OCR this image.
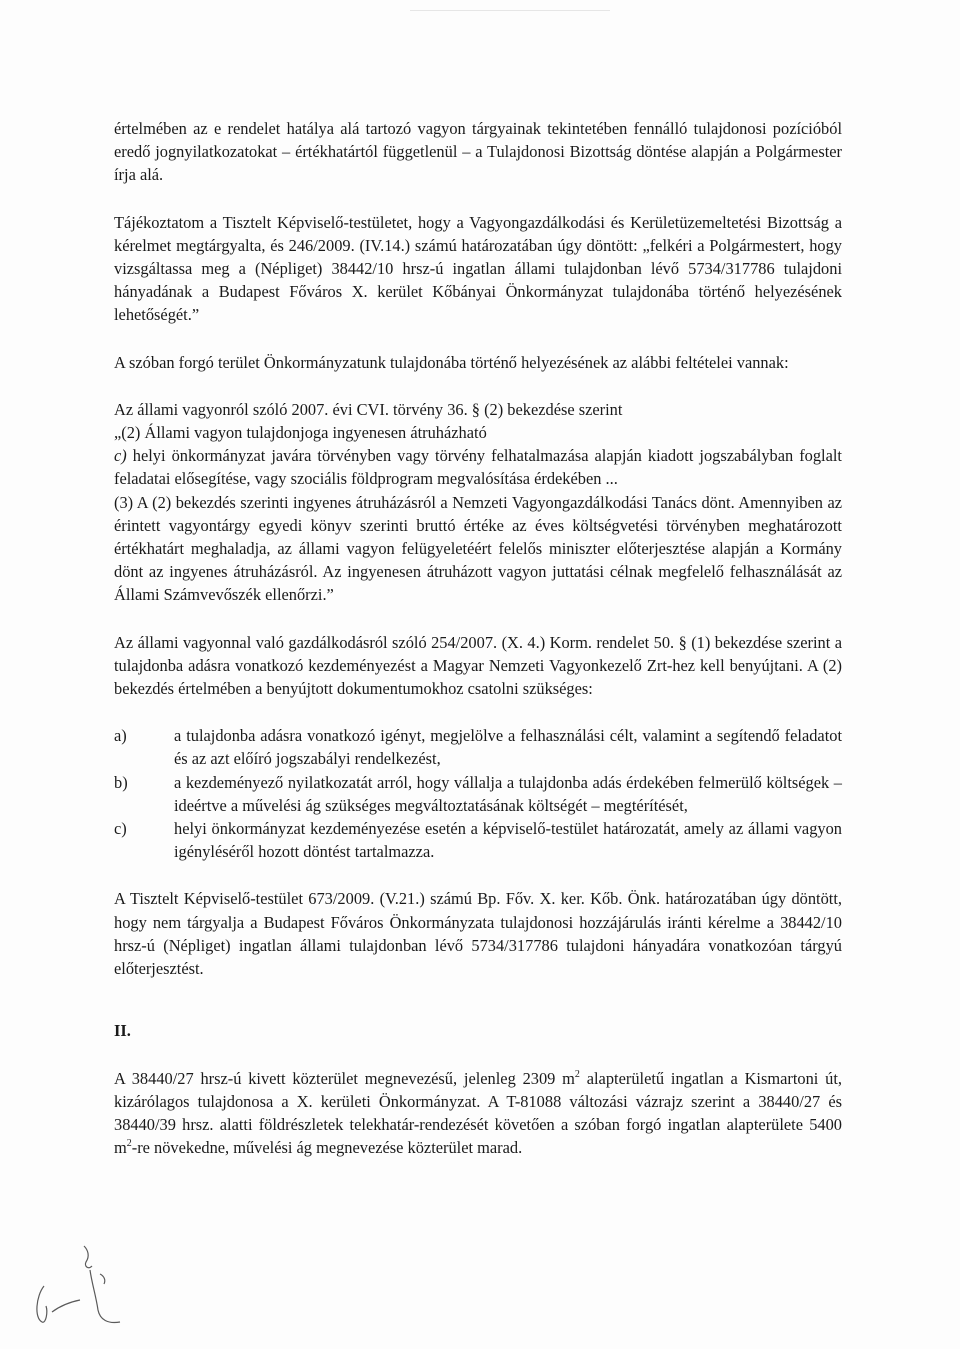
értelmében az e rendelet hatálya alá tartozó vagyon tárgyainak tekintetében fennálló tulajdonosi pozícióból eredő jognyilatkozatokat – értékhatártól függetlenül – a Tulajdonosi Bizottság döntése alapján a Polgármester írja alá.

Tájékoztatom a Tisztelt Képviselő-testületet, hogy a Vagyongazdálkodási és Kerületüzemeltetési Bizottság a kérelmet megtárgyalta, és 246/2009. (IV.14.) számú határozatában úgy döntött: „felkéri a Polgármestert, hogy vizsgáltassa meg a (Népliget) 38442/10 hrsz-ú ingatlan állami tulajdonban lévő 5734/317786 tulajdoni hányadának a Budapest Főváros X. kerület Kőbányai Önkormányzat tulajdonába történő helyezésének lehetőségét.”

A szóban forgó terület Önkormányzatunk tulajdonába történő helyezésének az alábbi feltételei vannak:

Az állami vagyonról szóló 2007. évi CVI. törvény 36. § (2) bekezdése szerint

„(2) Állami vagyon tulajdonjoga ingyenesen átruházható

c) helyi önkormányzat javára törvényben vagy törvény felhatalmazása alapján kiadott jogszabályban foglalt feladatai elősegítése, vagy szociális földprogram megvalósítása érdekében ...

(3) A (2) bekezdés szerinti ingyenes átruházásról a Nemzeti Vagyongazdálkodási Tanács dönt. Amennyiben az érintett vagyontárgy egyedi könyv szerinti bruttó értéke az éves költségvetési törvényben meghatározott értékhatárt meghaladja, az állami vagyon felügyeletéért felelős miniszter előterjesztése alapján a Kormány dönt az ingyenes átruházásról. Az ingyenesen átruházott vagyon juttatási célnak megfelelő felhasználását az Állami Számvevőszék ellenőrzi.”

Az állami vagyonnal való gazdálkodásról szóló 254/2007. (X. 4.) Korm. rendelet 50. § (1) bekezdése szerint a tulajdonba adásra vonatkozó kezdeményezést a Magyar Nemzeti Vagyonkezelő Zrt-hez kell benyújtani. A (2) bekezdés értelmében a benyújtott dokumentumokhoz csatolni szükséges:

a)	a tulajdonba adásra vonatkozó igényt, megjelölve a felhasználási célt, valamint a segítendő feladatot és az azt előíró jogszabályi rendelkezést,
b)	a kezdeményező nyilatkozatát arról, hogy vállalja a tulajdonba adás érdekében felmerülő költségek – ideértve a művelési ág szükséges megváltoztatásának költségét – megtérítését,
c)	helyi önkormányzat kezdeményezése esetén a képviselő-testület határozatát, amely az állami vagyon igényléséről hozott döntést tartalmazza.

A Tisztelt Képviselő-testület 673/2009. (V.21.) számú Bp. Főv. X. ker. Kőb. Önk. határozatában úgy döntött, hogy nem tárgyalja a Budapest Főváros Önkormányzata tulajdonosi hozzájárulás iránti kérelme a 38442/10 hrsz-ú (Népliget) ingatlan állami tulajdonban lévő 5734/317786 tulajdoni hányadára vonatkozóan tárgyú előterjesztést.

II.

A 38440/27 hrsz-ú kivett közterület megnevezésű, jelenleg 2309 $m^2$ alapterületű ingatlan a Kismartoni út, kizárólagos tulajdonosa a X. kerületi Önkormányzat. A T-81088 változási vázrajz szerint a 38440/27 és 38440/39 hrsz. alatti földrészletek telekhatár-rendezését követően a szóban forgó ingatlan alapterülete 5400 $m^2-re$ növekedne, művelési ág megnevezése közterület marad.
